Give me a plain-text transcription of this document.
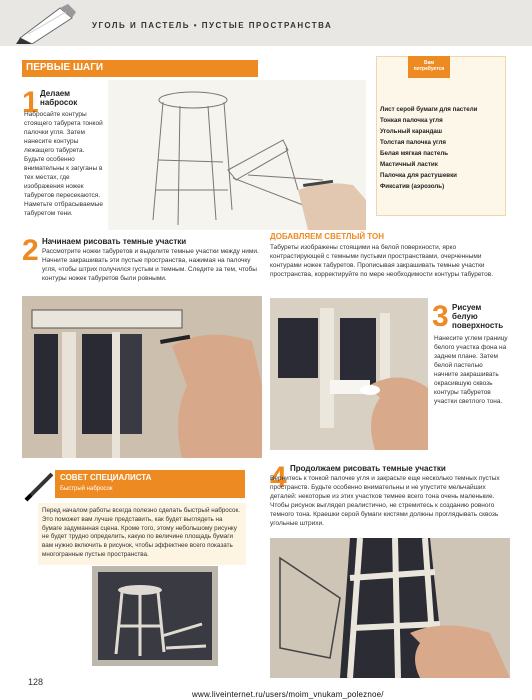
УГОЛЬ И ПАСТЕЛЬ • ПУСТЫЕ ПРОСТРАНСТВА
ПЕРВЫЕ ШАГИ
1 Делаем набросок
Набросайте контуры стоящего табурета тонкой палочки угля. Затем нанесите контуры лежащего табурета. Будьте особенно внимательны к загуганы в тех местах, где изображения ножек табуретов пересекаются. Наметьте отбрасываемые табуретом тени.
Вам потребуется
Лист серой бумаги для пастели
Тонкая палочка угля
Угольный карандаш
Толстая палочка угля
Белая мягкая пастель
Мастичный ластик
Палочка для растушевки
Фиксатив (аэрозоль)
ДОБАВЛЯЕМ СВЕТЛЫЙ ТОН
Табуреты изображены стоящими на белой поверхности, ярко контрастирующей с темными пустыми пространствами, очерченными контурами ножек табуретов. Прописывая закрашивать темные участки пространства, корректируйте по мере необходимости контуры табуретов.
2 Начинаем рисовать темные участки
Рассмотрите ножки табуретов и выделите темные участки между ними. Начните закрашивать эти пустые пространства, нажимая на палочку угля, чтобы штрих получился густым и темным. Следите за тем, чтобы контуры ножек табуретов были ровными.
3 Рисуем белую поверхность
Нанесите углем границу белого участка фона на заднем плане. Затем белой пастелью начните закрашивать окрасившую сквозь контуры табуретов участки светлого тона.
СОВЕТ СПЕЦИАЛИСТА
Быстрый набросок
Перед началом работы всегда полезно сделать быстрый набросок. Это поможет вам лучше представить, как будет выглядеть на бумаге задуманная сцена. Кроме того, этому небольшому рисунку не будет трудно определить, какую по величине площадь бумаги вам нужно включить в рисунок, чтобы эффектнее всего показать многогранные пустые пространства.
4 Продолжаем рисовать темные участки
Вернитесь к тонкой палочке угля и закрасьте еще несколько темных пустых пространств. Будьте особенно внимательны и не упустите мельчайших деталей: некоторые из этих участков темнее всего тона очень маленькие. Чтобы рисунок выглядел реалистично, не стремитесь к созданию ровного темного тона. Краешки серой бумаги кистями должны проглядывать сквозь угольные штрихи.
128
www.liveinternet.ru/users/moim_vnukam_poleznoe/
